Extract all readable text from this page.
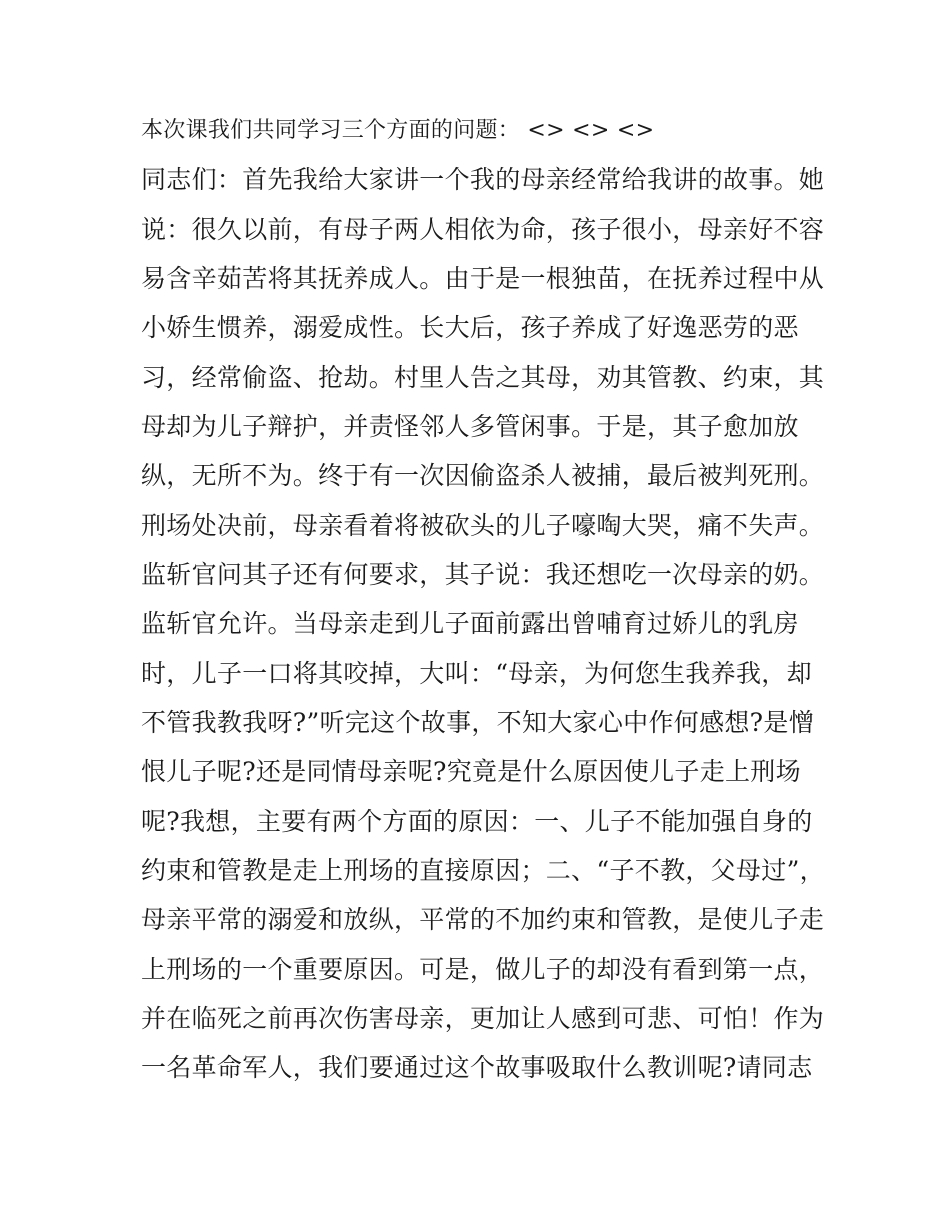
本次课我们共同学习三个方面的问题： <> <> <>
同志们：首先我给大家讲一个我的母亲经常给我讲的故事。她
说：很久以前，有母子两人相依为命，孩子很小，母亲好不容
易含辛茹苦将其抚养成人。由于是一根独苗，在抚养过程中从
小娇生惯养，溺爱成性。长大后，孩子养成了好逸恶劳的恶
习，经常偷盗、抢劫。村里人告之其母，劝其管教、约束，其
母却为儿子辩护，并责怪邻人多管闲事。于是，其子愈加放
纵，无所不为。终于有一次因偷盗杀人被捕，最后被判死刑。
刑场处决前，母亲看着将被砍头的儿子嚎啕大哭，痛不失声。
监斩官问其子还有何要求，其子说：我还想吃一次母亲的奶。
监斩官允许。当母亲走到儿子面前露出曾哺育过娇儿的乳房
时，儿子一口将其咬掉，大叫：“母亲，为何您生我养我，却
不管我教我呀?”听完这个故事，不知大家心中作何感想?是憎
恨儿子呢?还是同情母亲呢?究竟是什么原因使儿子走上刑场
呢?我想，主要有两个方面的原因：一、儿子不能加强自身的
约束和管教是走上刑场的直接原因；二、“子不教，父母过”，
母亲平常的溺爱和放纵，平常的不加约束和管教，是使儿子走
上刑场的一个重要原因。可是，做儿子的却没有看到第一点，
并在临死之前再次伤害母亲，更加让人感到可悲、可怕！作为
一名革命军人，我们要通过这个故事吸取什么教训呢?请同志
